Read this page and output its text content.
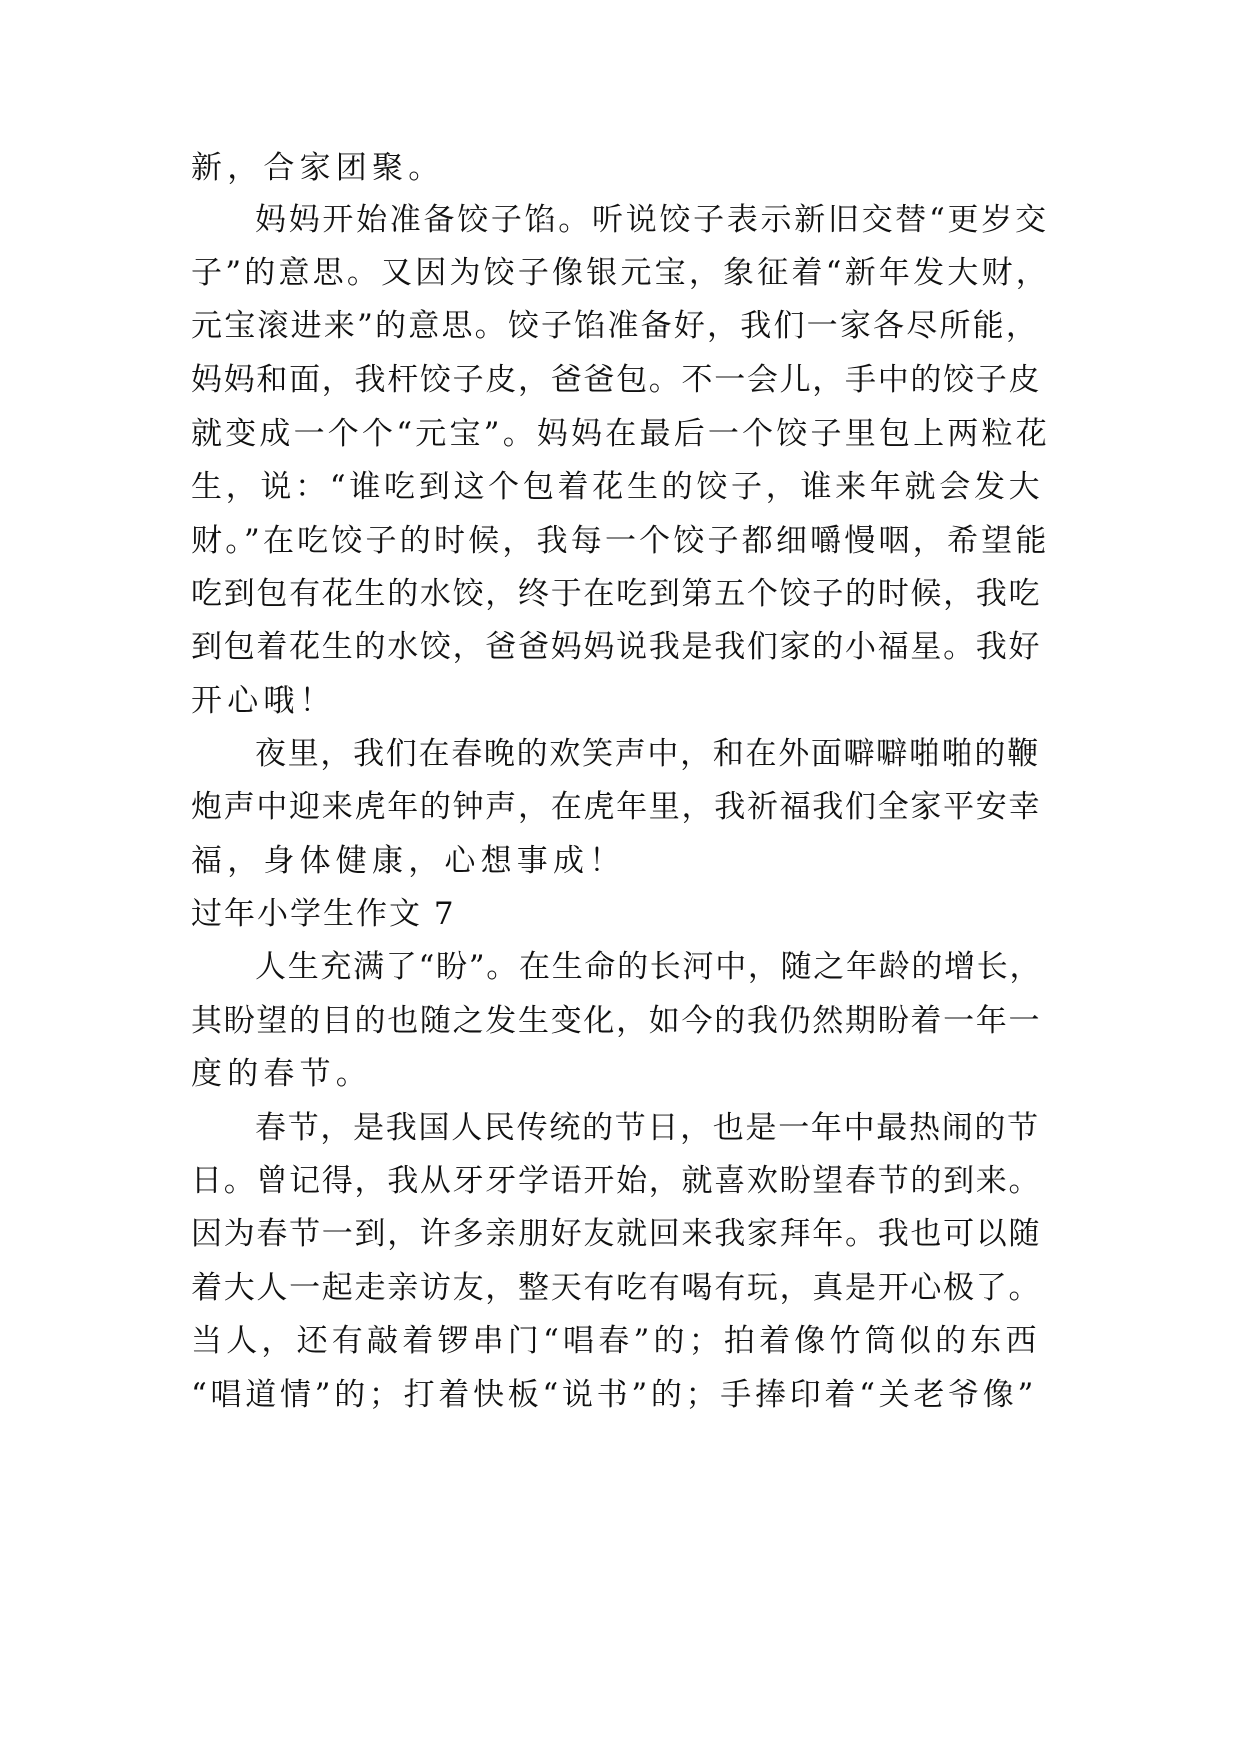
新，合家团聚。
妈妈开始准备饺子馅。听说饺子表示新旧交替“更岁交
子”的意思。又因为饺子像银元宝，象征着“新年发大财，
元宝滚进来”的意思。饺子馅准备好，我们一家各尽所能，
妈妈和面，我杆饺子皮，爸爸包。不一会儿，手中的饺子皮
就变成一个个“元宝”。妈妈在最后一个饺子里包上两粒花
生，说：“谁吃到这个包着花生的饺子，谁来年就会发大
财。”在吃饺子的时候，我每一个饺子都细嚼慢咽，希望能
吃到包有花生的水饺，终于在吃到第五个饺子的时候，我吃
到包着花生的水饺，爸爸妈妈说我是我们家的小福星。我好
开心哦！
夜里，我们在春晚的欢笑声中，和在外面噼噼啪啪的鞭
炮声中迎来虎年的钟声，在虎年里，我祈福我们全家平安幸
福，身体健康，心想事成！
过年小学生作文 7
人生充满了“盼”。在生命的长河中，随之年龄的增长，
其盼望的目的也随之发生变化，如今的我仍然期盼着一年一
度的春节。
春节，是我国人民传统的节日，也是一年中最热闹的节
日。曾记得，我从牙牙学语开始，就喜欢盼望春节的到来。
因为春节一到，许多亲朋好友就回来我家拜年。我也可以随
着大人一起走亲访友，整天有吃有喝有玩，真是开心极了。
当人，还有敲着锣串门“唱春”的；拍着像竹筒似的东西
“唱道情”的；打着快板“说书”的；手捧印着“关老爷像”
